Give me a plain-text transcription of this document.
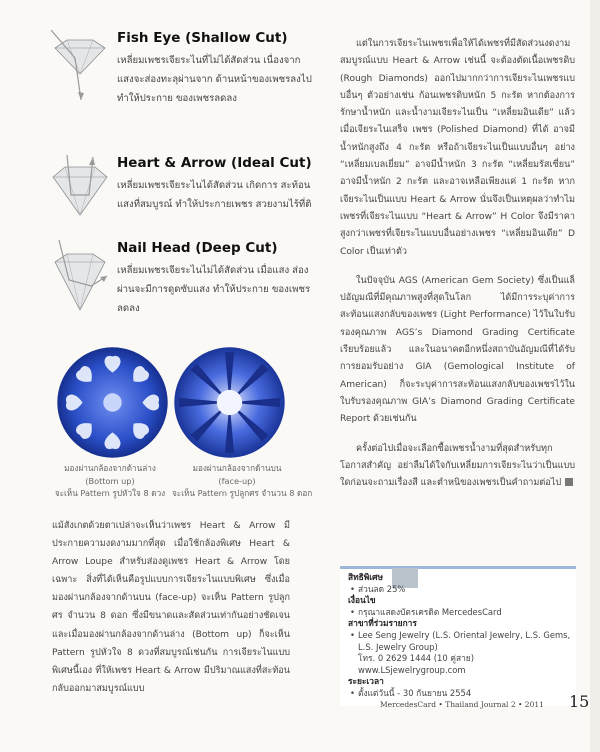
Fish Eye (Shallow Cut)
เหลี่ยมเพชรเจียระไนที่ไม่ได้สัดส่วน เนื่องจากแสงจะส่องทะลุผ่านจาก ด้านหน้าของเพชรลงไป ทำให้ประกาย ของเพชรลดลง
Heart & Arrow (Ideal Cut)
เหลี่ยมเพชรเจียระไนได้สัดส่วน เกิดการ สะท้อนแสงที่สมบูรณ์ ทำให้ประกายเพชร สวยงามไร้ที่ติ
Nail Head (Deep Cut)
เหลี่ยมเพชรเจียระไนไม่ได้สัดส่วน เมื่อแสง ส่องผ่านจะมีการดูดซับแสง ทำให้ประกาย ของเพชรลดลง
มองผ่านกล้องจากด้านล่าง
(Bottom up)
จะเห็น Pattern รูปหัวใจ 8 ดวง
มองผ่านกล้องจากด้านบน
(face-up)
จะเห็น Pattern รูปลูกศร จำนวน 8 ดอก
แม้สังเกตด้วยตาเปล่าจะเห็นว่าเพชร Heart & Arrow มีประกายความงดงามมากที่สุด เมื่อใช้กล้องพิเศษ Heart & Arrow Loupe สำหรับส่องดูเพชร Heart & Arrow โดยเฉพาะ สิ่งที่ได้เห็นคือรูปแบบการเจียระไนแบบพิเศษ ซึ่งเมื่อมองผ่านกล้องจากด้านบน (face-up) จะเห็น Pattern รูปลูกศร จำนวน 8 ดอก ซึ่งมีขนาดและสัดส่วนเท่ากันอย่างชัดเจน และเมื่อมองผ่านกล้องจากด้านล่าง (Bottom up) ก็จะเห็น Pattern รูปหัวใจ 8 ดวงที่สมบูรณ์เช่นกัน การเจียระไนแบบพิเศษนี้เอง ที่ให้เพชร Heart & Arrow มีปริมาณแสงที่สะท้อนกลับออกมาสมบูรณ์แบบ

แต่ในการเจียระไนเพชรเพื่อให้ได้เพชรที่มีสัดส่วนงดงามสมบูรณ์แบบ Heart & Arrow เช่นนี้ จะต้องตัดเนื้อเพชรดิบ (Rough Diamonds) ออกไปมากกว่าการเจียระไนเพชรแบบอื่นๆ ตัวอย่างเช่น ก้อนเพชรดิบหนัก 5 กะรัต หากต้องการรักษาน้ำหนัก และน้ำงามเจียระไนเป็น “เหลี่ยมอินเดีย” แล้วเมื่อเจียระไนเสร็จ เพชร (Polished Diamond) ที่ได้ อาจมีน้ำหนักสูงถึง 4 กะรัต หรือถ้าเจียระไนเป็นแบบอื่นๆ อย่าง “เหลี่ยมเบลเยี่ยม” อาจมีน้ำหนัก 3 กะรัต “เหลี่ยมรัสเซี่ยน” อาจมีน้ำหนัก 2 กะรัต และอาจเหลือเพียงแค่ 1 กะรัต หากเจียระไนเป็นแบบ Heart & Arrow นั่นจึงเป็นเหตุผลว่าทำไม เพชรที่เจียระไนแบบ “Heart & Arrow” H Color จึงมีราคาสูงกว่าเพชรที่เจียระไนแบบอื่นอย่างเพชร “เหลี่ยมอินเดีย” D Color เป็นเท่าตัว

ในปัจจุบัน AGS (American Gem Society) ซึ่งเป็นแล็ปอัญมณีที่มีคุณภาพสูงที่สุดในโลก ได้มีการระบุค่าการสะท้อนแสงกลับของเพชร (Light Performance) ไว้ในใบรับรองคุณภาพ AGS’s Diamond Grading Certificate เรียบร้อยแล้ว และในอนาคตอีกหนึ่งสถาบันอัญมณีที่ได้รับการยอมรับอย่าง GIA (Gemological Institute of American) ก็จะระบุค่าการสะท้อนแสงกลับของเพชรไว้ในใบรับรองคุณภาพ GIA’s Diamond Grading Certificate Report ด้วยเช่นกัน

ครั้งต่อไปเมื่อจะเลือกซื้อเพชรน้ำงามที่สุดสำหรับทุกโอกาสสำคัญ อย่าลืมได้ใจกับเหลี่ยมการเจียระไนว่าเป็นแบบใดก่อนจะถามเรื่องสี และตำหนิของเพชรเป็นคำถามต่อไป

สิทธิพิเศษ
• ส่วนลด 25%
เงื่อนไข
• กรุณาแสดงบัตรเครดิต MercedesCard
สาขาที่ร่วมรายการ
• Lee Seng Jewelry (L.S. Oriental Jewelry, L.S. Gems, L.S. Jewelry Group)
โทร. 0 2629 1444 (10 คู่สาย)
www.LSjewelrygroup.com
ระยะเวลา
• ตั้งแต่วันนี้ - 30 กันยายน 2554
MercedesCard • Thailand Journal 2 • 2011 15
